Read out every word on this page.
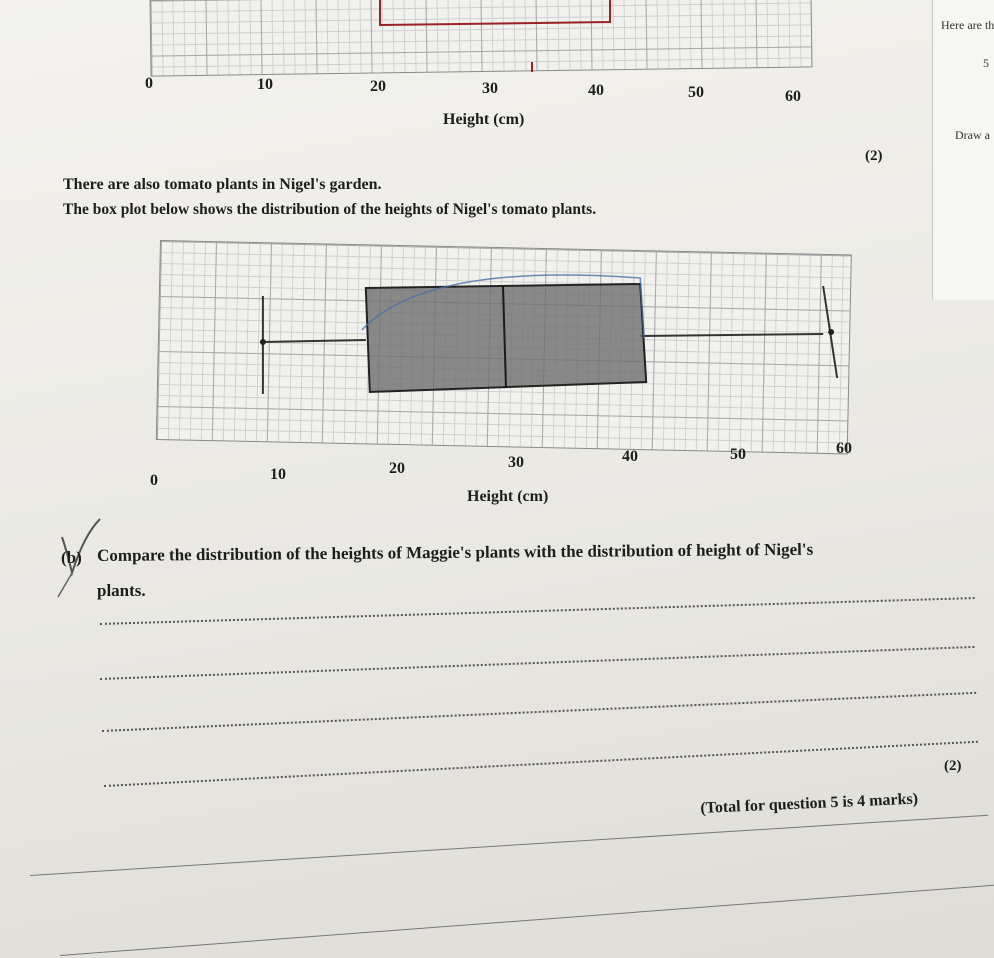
Here are th
5
Draw a
0	10	20	30	40	50	60
Height (cm)
(2)
There are also tomato plants in Nigel's garden.
The box plot below shows the distribution of the heights of Nigel's tomato plants.
0	10	20	30	40	50	60
Height (cm)
(b) Compare the distribution of the heights of Maggie's plants with the distribution of height of Nigel's
plants.
(2)
(Total for question 5 is 4 marks)
